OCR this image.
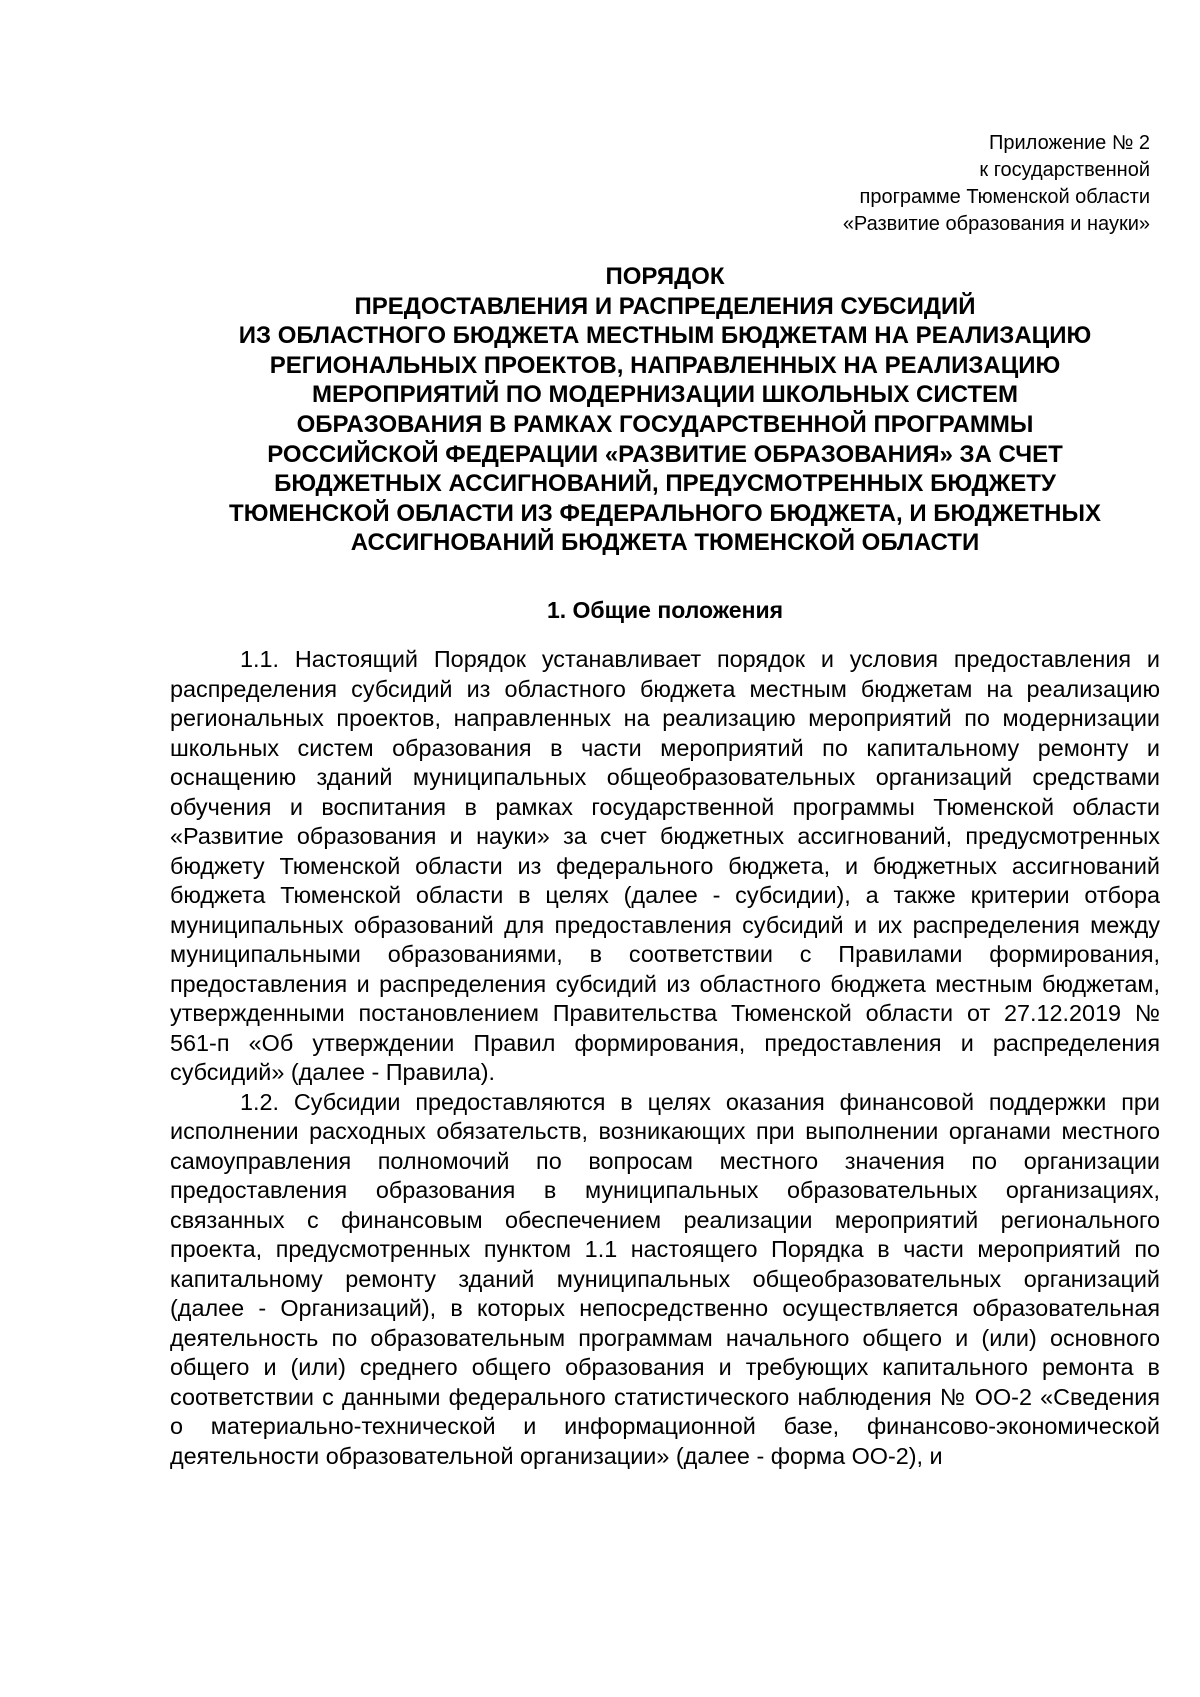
Приложение № 2
к государственной
программе Тюменской области
«Развитие образования и науки»
ПОРЯДОК
ПРЕДОСТАВЛЕНИЯ И РАСПРЕДЕЛЕНИЯ СУБСИДИЙ
ИЗ ОБЛАСТНОГО БЮДЖЕТА МЕСТНЫМ БЮДЖЕТАМ НА РЕАЛИЗАЦИЮ
РЕГИОНАЛЬНЫХ ПРОЕКТОВ, НАПРАВЛЕННЫХ НА РЕАЛИЗАЦИЮ
МЕРОПРИЯТИЙ ПО МОДЕРНИЗАЦИИ ШКОЛЬНЫХ СИСТЕМ
ОБРАЗОВАНИЯ В РАМКАХ ГОСУДАРСТВЕННОЙ ПРОГРАММЫ
РОССИЙСКОЙ ФЕДЕРАЦИИ «РАЗВИТИЕ ОБРАЗОВАНИЯ» ЗА СЧЕТ
БЮДЖЕТНЫХ АССИГНОВАНИЙ, ПРЕДУСМОТРЕННЫХ БЮДЖЕТУ
ТЮМЕНСКОЙ ОБЛАСТИ ИЗ ФЕДЕРАЛЬНОГО БЮДЖЕТА, И БЮДЖЕТНЫХ
АССИГНОВАНИЙ БЮДЖЕТА ТЮМЕНСКОЙ ОБЛАСТИ
1. Общие положения

1.1. Настоящий Порядок устанавливает порядок и условия предоставления и распределения субсидий из областного бюджета местным бюджетам на реализацию региональных проектов, направленных на реализацию мероприятий по модернизации школьных систем образования в части мероприятий по капитальному ремонту и оснащению зданий муниципальных общеобразовательных организаций средствами обучения и воспитания в рамках государственной программы Тюменской области «Развитие образования и науки» за счет бюджетных ассигнований, предусмотренных бюджету Тюменской области из федерального бюджета, и бюджетных ассигнований бюджета Тюменской области в целях (далее - субсидии), а также критерии отбора муниципальных образований для предоставления субсидий и их распределения между муниципальными образованиями, в соответствии с Правилами формирования, предоставления и распределения субсидий из областного бюджета местным бюджетам, утвержденными постановлением Правительства Тюменской области от 27.12.2019 № 561-п «Об утверждении Правил формирования, предоставления и распределения субсидий» (далее - Правила).

1.2. Субсидии предоставляются в целях оказания финансовой поддержки при исполнении расходных обязательств, возникающих при выполнении органами местного самоуправления полномочий по вопросам местного значения по организации предоставления образования в муниципальных образовательных организациях, связанных с финансовым обеспечением реализации мероприятий регионального проекта, предусмотренных пунктом 1.1 настоящего Порядка в части мероприятий по капитальному ремонту зданий муниципальных общеобразовательных организаций (далее - Организаций), в которых непосредственно осуществляется образовательная деятельность по образовательным программам начального общего и (или) основного общего и (или) среднего общего образования и требующих капитального ремонта в соответствии с данными федерального статистического наблюдения № ОО-2 «Сведения о материально-технической и информационной базе, финансово-экономической деятельности образовательной организации» (далее - форма ОО-2), и
